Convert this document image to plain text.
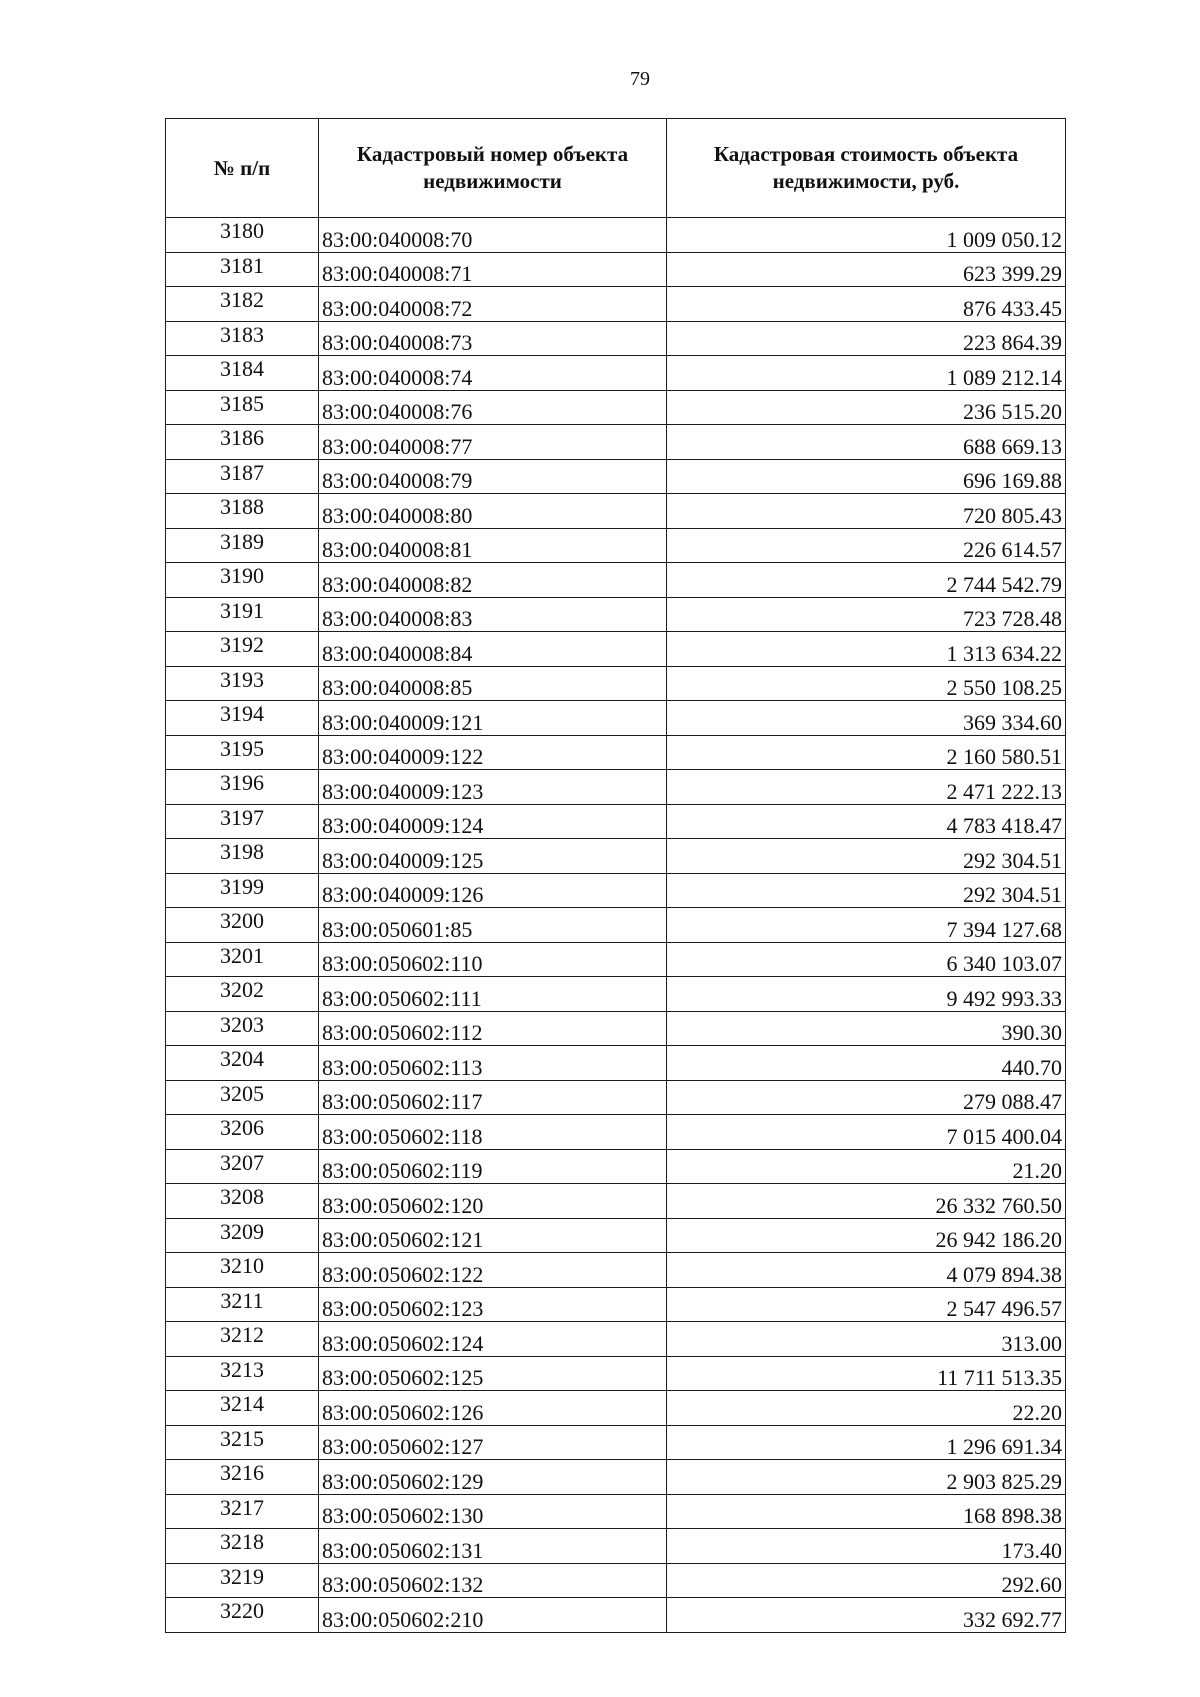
79
№ п/п	Кадастровый номер объекта недвижимости	Кадастровая стоимость объекта недвижимости, руб.
3180	83:00:040008:70	1 009 050.12
3181	83:00:040008:71	623 399.29
3182	83:00:040008:72	876 433.45
3183	83:00:040008:73	223 864.39
3184	83:00:040008:74	1 089 212.14
3185	83:00:040008:76	236 515.20
3186	83:00:040008:77	688 669.13
3187	83:00:040008:79	696 169.88
3188	83:00:040008:80	720 805.43
3189	83:00:040008:81	226 614.57
3190	83:00:040008:82	2 744 542.79
3191	83:00:040008:83	723 728.48
3192	83:00:040008:84	1 313 634.22
3193	83:00:040008:85	2 550 108.25
3194	83:00:040009:121	369 334.60
3195	83:00:040009:122	2 160 580.51
3196	83:00:040009:123	2 471 222.13
3197	83:00:040009:124	4 783 418.47
3198	83:00:040009:125	292 304.51
3199	83:00:040009:126	292 304.51
3200	83:00:050601:85	7 394 127.68
3201	83:00:050602:110	6 340 103.07
3202	83:00:050602:111	9 492 993.33
3203	83:00:050602:112	390.30
3204	83:00:050602:113	440.70
3205	83:00:050602:117	279 088.47
3206	83:00:050602:118	7 015 400.04
3207	83:00:050602:119	21.20
3208	83:00:050602:120	26 332 760.50
3209	83:00:050602:121	26 942 186.20
3210	83:00:050602:122	4 079 894.38
3211	83:00:050602:123	2 547 496.57
3212	83:00:050602:124	313.00
3213	83:00:050602:125	11 711 513.35
3214	83:00:050602:126	22.20
3215	83:00:050602:127	1 296 691.34
3216	83:00:050602:129	2 903 825.29
3217	83:00:050602:130	168 898.38
3218	83:00:050602:131	173.40
3219	83:00:050602:132	292.60
3220	83:00:050602:210	332 692.77
